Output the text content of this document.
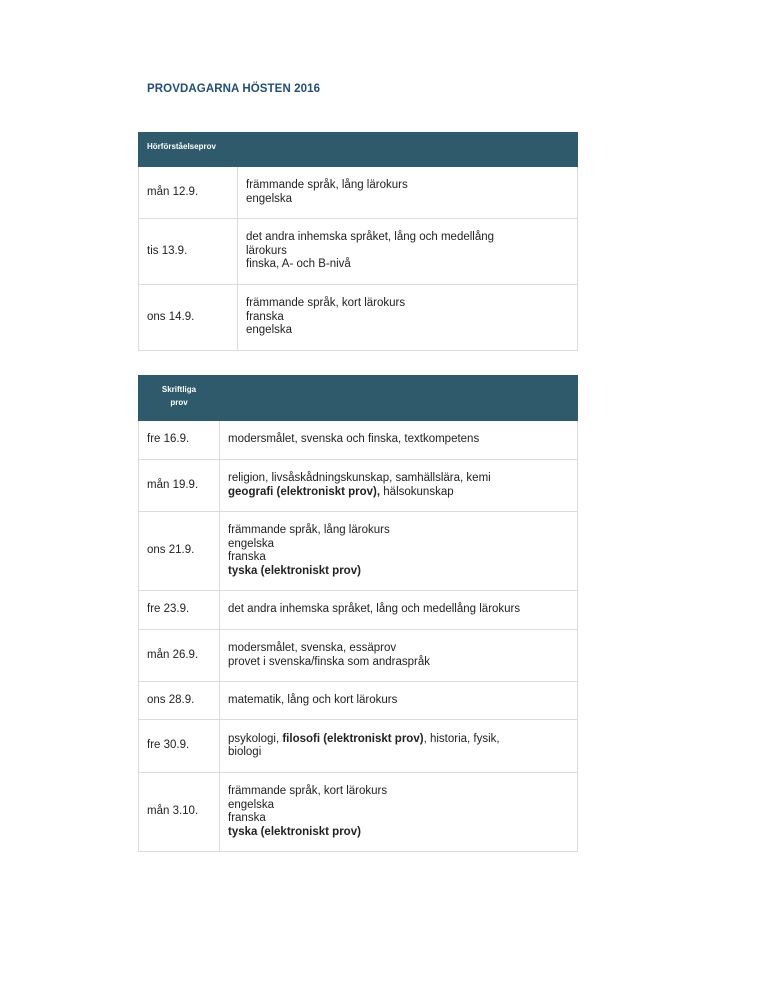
PROVDAGARNA HÖSTEN 2016
Hörförståelseprov	
mån 12.9.	främmande språk, lång lärokurs
engelska

tis 13.9.	det andra inhemska språket, lång och medellång
lärokurs
finska, A- och B-nivå

ons 14.9.	främmande språk, kort lärokurs
franska
engelska
Skriftliga
prov	

fre 16.9.	modersmålet, svenska och finska, textkompetens
mån 19.9.	religion, livsåskådningskunskap, samhällslära, kemi
geografi (elektroniskt prov), hälsokunskap

ons 21.9.	främmande språk, lång lärokurs
engelska
franska
tyska (elektroniskt prov)

fre 23.9.	det andra inhemska språket, lång och medellång lärokurs
mån 26.9.	modersmålet, svenska, essäprov
provet i svenska/finska som andraspråk

ons 28.9.	matematik, lång och kort lärokurs
fre 30.9.	psykologi, filosofi (elektroniskt prov), historia, fysik,
biologi

mån 3.10.	främmande språk, kort lärokurs
engelska
franska
tyska (elektroniskt prov)
